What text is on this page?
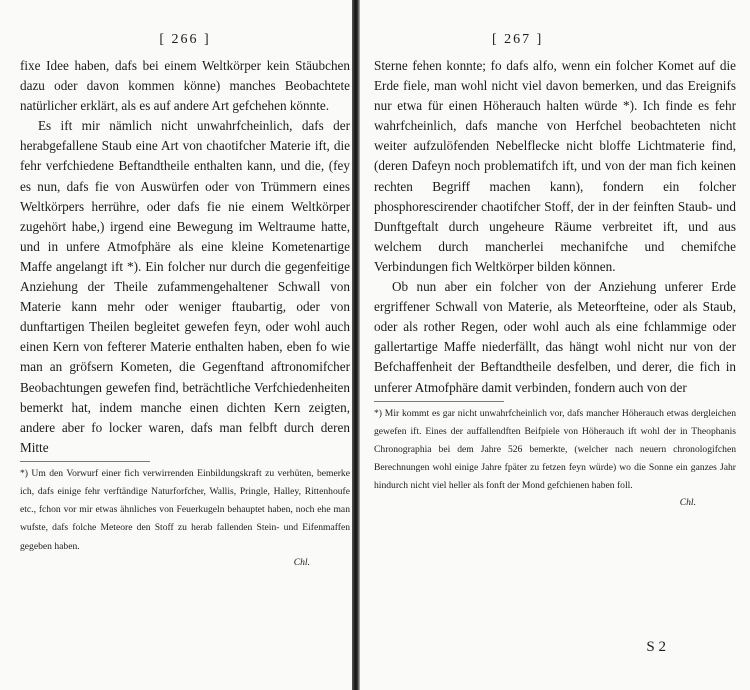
[ 266 ]

fixe Idee haben, dafs bei einem Weltkörper kein Stäubchen dazu oder davon kommen könne) manches Beobachtete natürlicher erklärt, als es auf andere Art gefchehen könnte.

Es ift mir nämlich nicht unwahrfcheinlich, dafs der herabgefallene Staub eine Art von chaotifcher Materie ift, die fehr verfchiedene Beftandtheile enthalten kann, und die, (fey es nun, dafs fie von Auswürfen oder von Trümmern eines Weltkörpers herrühre, oder dafs fie nie einem Weltkörper zugehört habe,) irgend eine Bewegung im Weltraume hatte, und in unfere Atmofphäre als eine kleine Kometenartige Maffe angelangt ift *). Ein folcher nur durch die gegenfeitige Anziehung der Theile zufammengehaltener Schwall von Materie kann mehr oder weniger ftaubartig, oder von dunftartigen Theilen begleitet gewefen feyn, oder wohl auch einen Kern von fefterer Materie enthalten haben, eben fo wie man an gröfsern Kometen, die Gegenftand aftronomifcher Beobachtungen gewefen find, beträchtliche Verfchiedenheiten bemerkt hat, indem manche einen dichten Kern zeigten, andere aber fo locker waren, dafs man felbft durch deren Mitte

*) Um den Vorwurf einer fich verwirrenden Einbildungskraft zu verhüten, bemerke ich, dafs einige fehr verftändige Naturforfcher, Wallis, Pringle, Halley, Rittenhoufe etc., fchon vor mir etwas ähnliches von Feuerkugeln behauptet haben, noch ehe man wufste, dafs folche Meteore den Stoff zu herab fallenden Stein- und Eifenmaffen gegeben haben.

Chl.
[ 267 ]

Sterne fehen konnte; fo dafs alfo, wenn ein folcher Komet auf die Erde fiele, man wohl nicht viel davon bemerken, und das Ereignifs nur etwa für einen Höherauch halten würde *). Ich finde es fehr wahrfcheinlich, dafs manche von Herfchel beobachteten nicht weiter aufzulöfenden Nebelflecke nicht bloffe Lichtmaterie find, (deren Dafeyn noch problematifch ift, und von der man fich keinen rechten Begriff machen kann), fondern ein folcher phosphorescirender chaotifcher Stoff, der in der feinften Staub- und Dunftgeftalt durch ungeheure Räume verbreitet ift, und aus welchem durch mancherlei mechanifche und chemifche Verbindungen fich Weltkörper bilden können.

Ob nun aber ein folcher von der Anziehung unferer Erde ergriffener Schwall von Materie, als Meteorfteine, oder als Staub, oder als rother Regen, oder wohl auch als eine fchlammige oder gallertartige Maffe niederfällt, das hängt wohl nicht nur von der Befchaffenheit der Beftandtheile desfelben, und derer, die fich in unferer Atmofphäre damit verbinden, fondern auch von der

*) Mir kommt es gar nicht unwahrfcheinlich vor, dafs mancher Höherauch etwas dergleichen gewefen ift. Eines der auffallendften Beifpiele von Höherauch ift wohl der in Theophanis Chronographia bei dem Jahre 526 bemerkte, (welcher nach neuern chronologifchen Berechnungen wohl einige Jahre fpäter zu fetzen feyn würde) wo die Sonne ein ganzes Jahr hindurch nicht viel heller als fonft der Mond gefchienen haben foll.

Chl.
S 2
